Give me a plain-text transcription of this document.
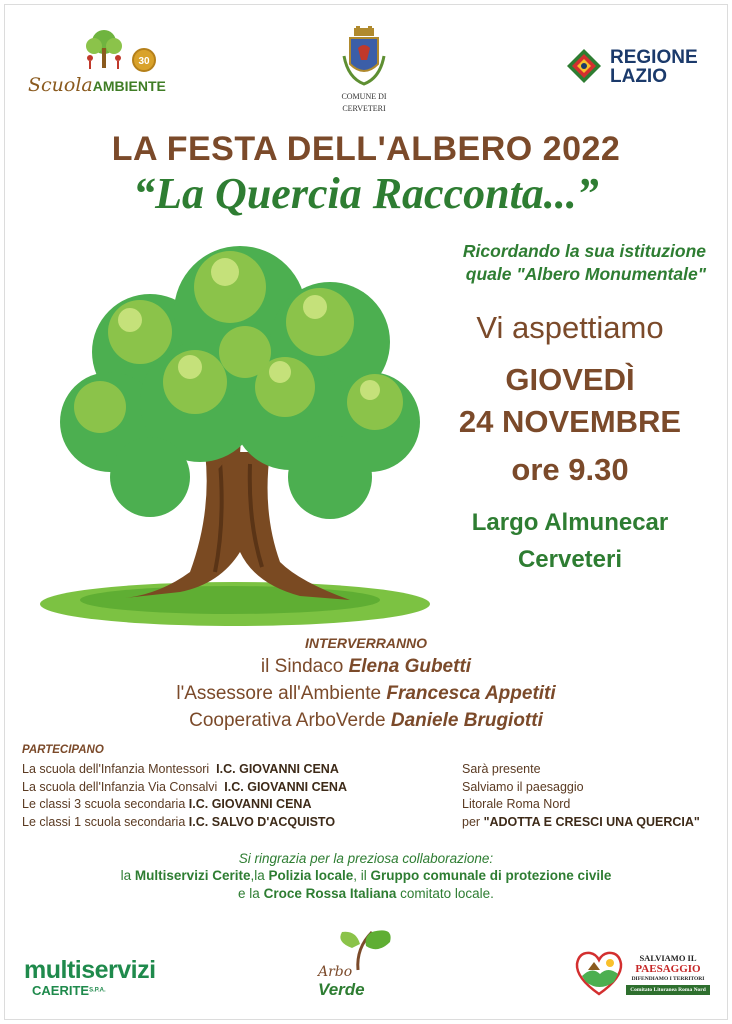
30
ScuolaAMBIENTE
COMUNE DI
CERVETERI
REGIONE
LAZIO
LA FESTA DELL'ALBERO 2022
“La Quercia Racconta...”
Ricordando la sua istituzione
quale "Albero Monumentale"
Vi aspettiamo
GIOVEDÌ
24 NOVEMBRE
ore 9.30
Largo Almunecar
Cerveteri
INTERVERRANNO
il Sindaco Elena Gubetti
l'Assessore all'Ambiente Francesca Appetiti
Cooperativa ArboVerde Daniele Brugiotti
PARTECIPANO
La scuola dell'Infanzia Montessori I.C. GIOVANNI CENA
La scuola dell'Infanzia Via Consalvi I.C. GIOVANNI CENA
Le classi 3 scuola secondaria I.C. GIOVANNI CENA
Le classi 1 scuola secondaria I.C. SALVO D'ACQUISTO
Sarà presente
Salviamo il paesaggio
Litorale Roma Nord
per "ADOTTA E CRESCI UNA QUERCIA"
Si ringrazia per la preziosa collaborazione:
la Multiservizi Cerite,la Polizia locale, il Gruppo comunale di protezione civile
e la Croce Rossa Italiana comitato locale.
multiservizi
CAERITES.P.A.
Arbo
Verde
SALVIAMO IL
PAESAGGIO
DIFENDIAMO I TERRITORI
Comitato Litoranea Roma Nord
